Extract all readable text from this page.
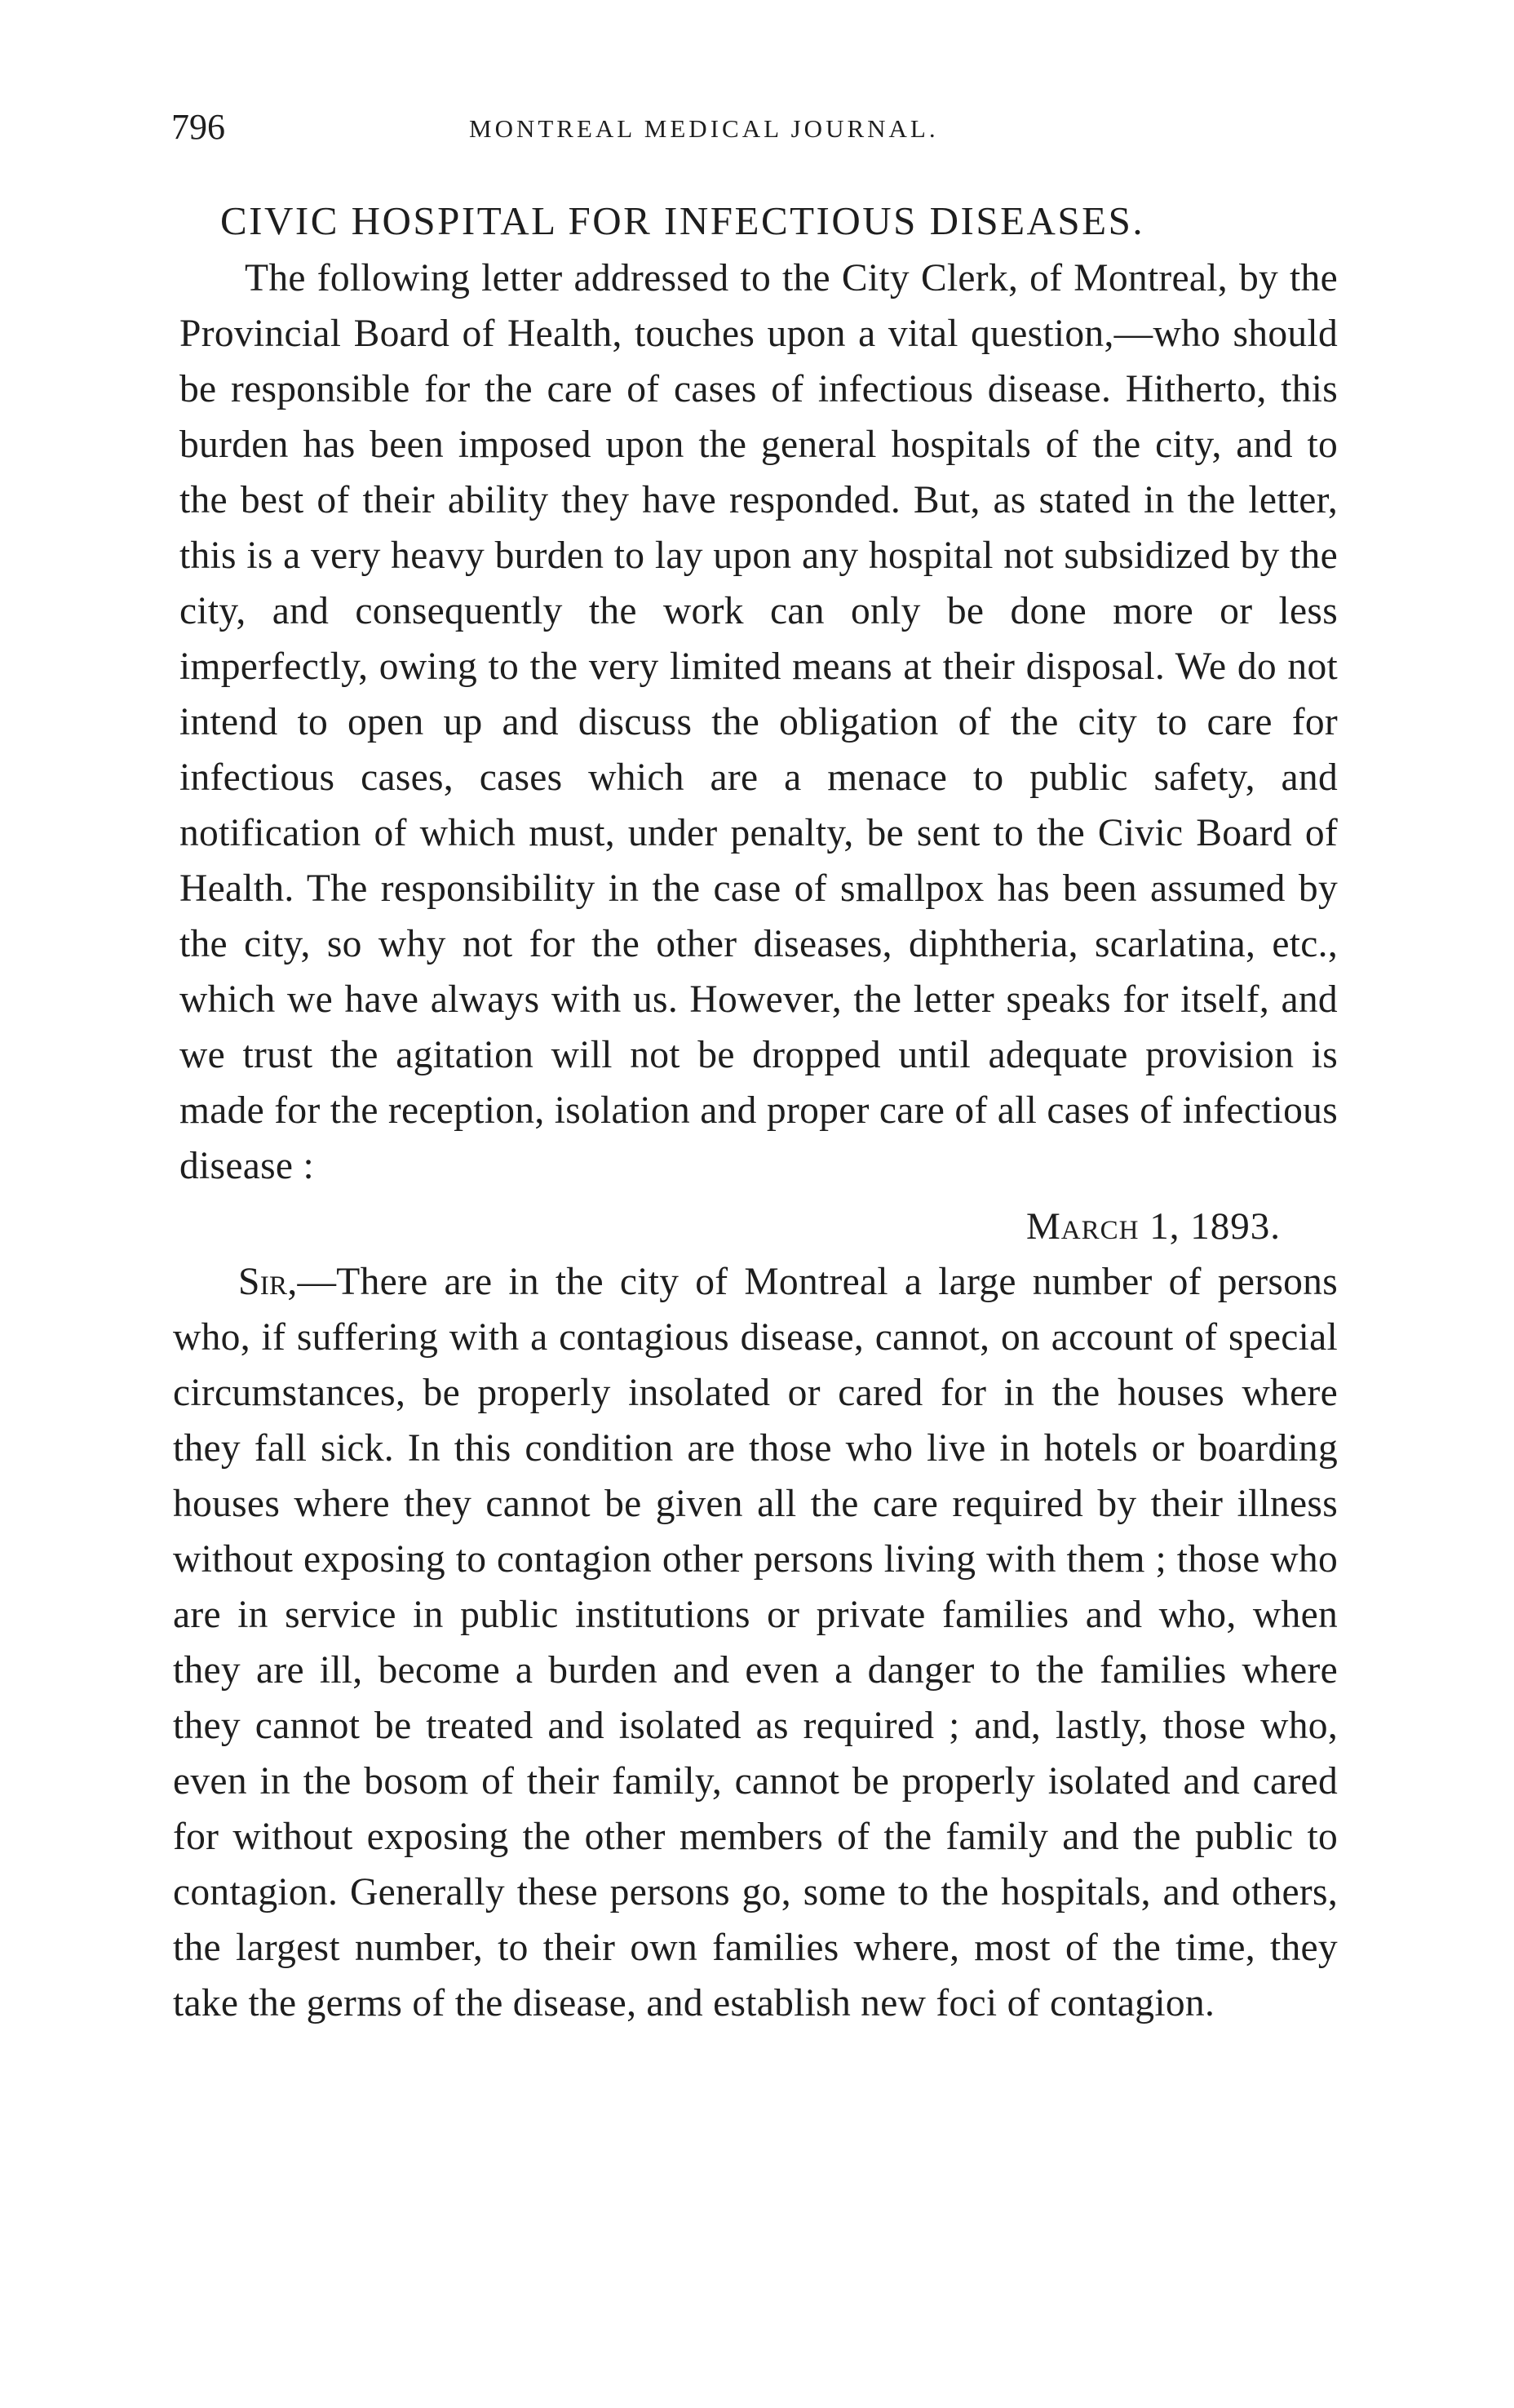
796	MONTREAL MEDICAL JOURNAL.
CIVIC HOSPITAL FOR INFECTIOUS DISEASES.

The following letter addressed to the City Clerk, of Montreal, by the Provincial Board of Health, touches upon a vital question,—who should be responsible for the care of cases of infectious disease. Hitherto, this burden has been imposed upon the general hospitals of the city, and to the best of their ability they have responded. But, as stated in the letter, this is a very heavy burden to lay upon any hospital not subsidized by the city, and consequently the work can only be done more or less imperfectly, owing to the very limited means at their disposal. We do not intend to open up and discuss the obligation of the city to care for infectious cases, cases which are a menace to public safety, and notification of which must, under penalty, be sent to the Civic Board of Health. The responsibility in the case of smallpox has been assumed by the city, so why not for the other diseases, diphtheria, scarlatina, etc., which we have always with us. However, the letter speaks for itself, and we trust the agitation will not be dropped until adequate provision is made for the reception, isolation and proper care of all cases of infectious disease :

March 1, 1893.

Sir,—There are in the city of Montreal a large number of persons who, if suffering with a contagious disease, cannot, on account of special circumstances, be properly insolated or cared for in the houses where they fall sick. In this condition are those who live in hotels or boarding houses where they cannot be given all the care required by their illness without exposing to contagion other persons living with them ; those who are in service in public institutions or private families and who, when they are ill, become a burden and even a danger to the families where they cannot be treated and isolated as required ; and, lastly, those who, even in the bosom of their family, cannot be properly isolated and cared for without exposing the other members of the family and the public to contagion. Generally these persons go, some to the hospitals, and others, the largest number, to their own families where, most of the time, they take the germs of the disease, and establish new foci of contagion.
